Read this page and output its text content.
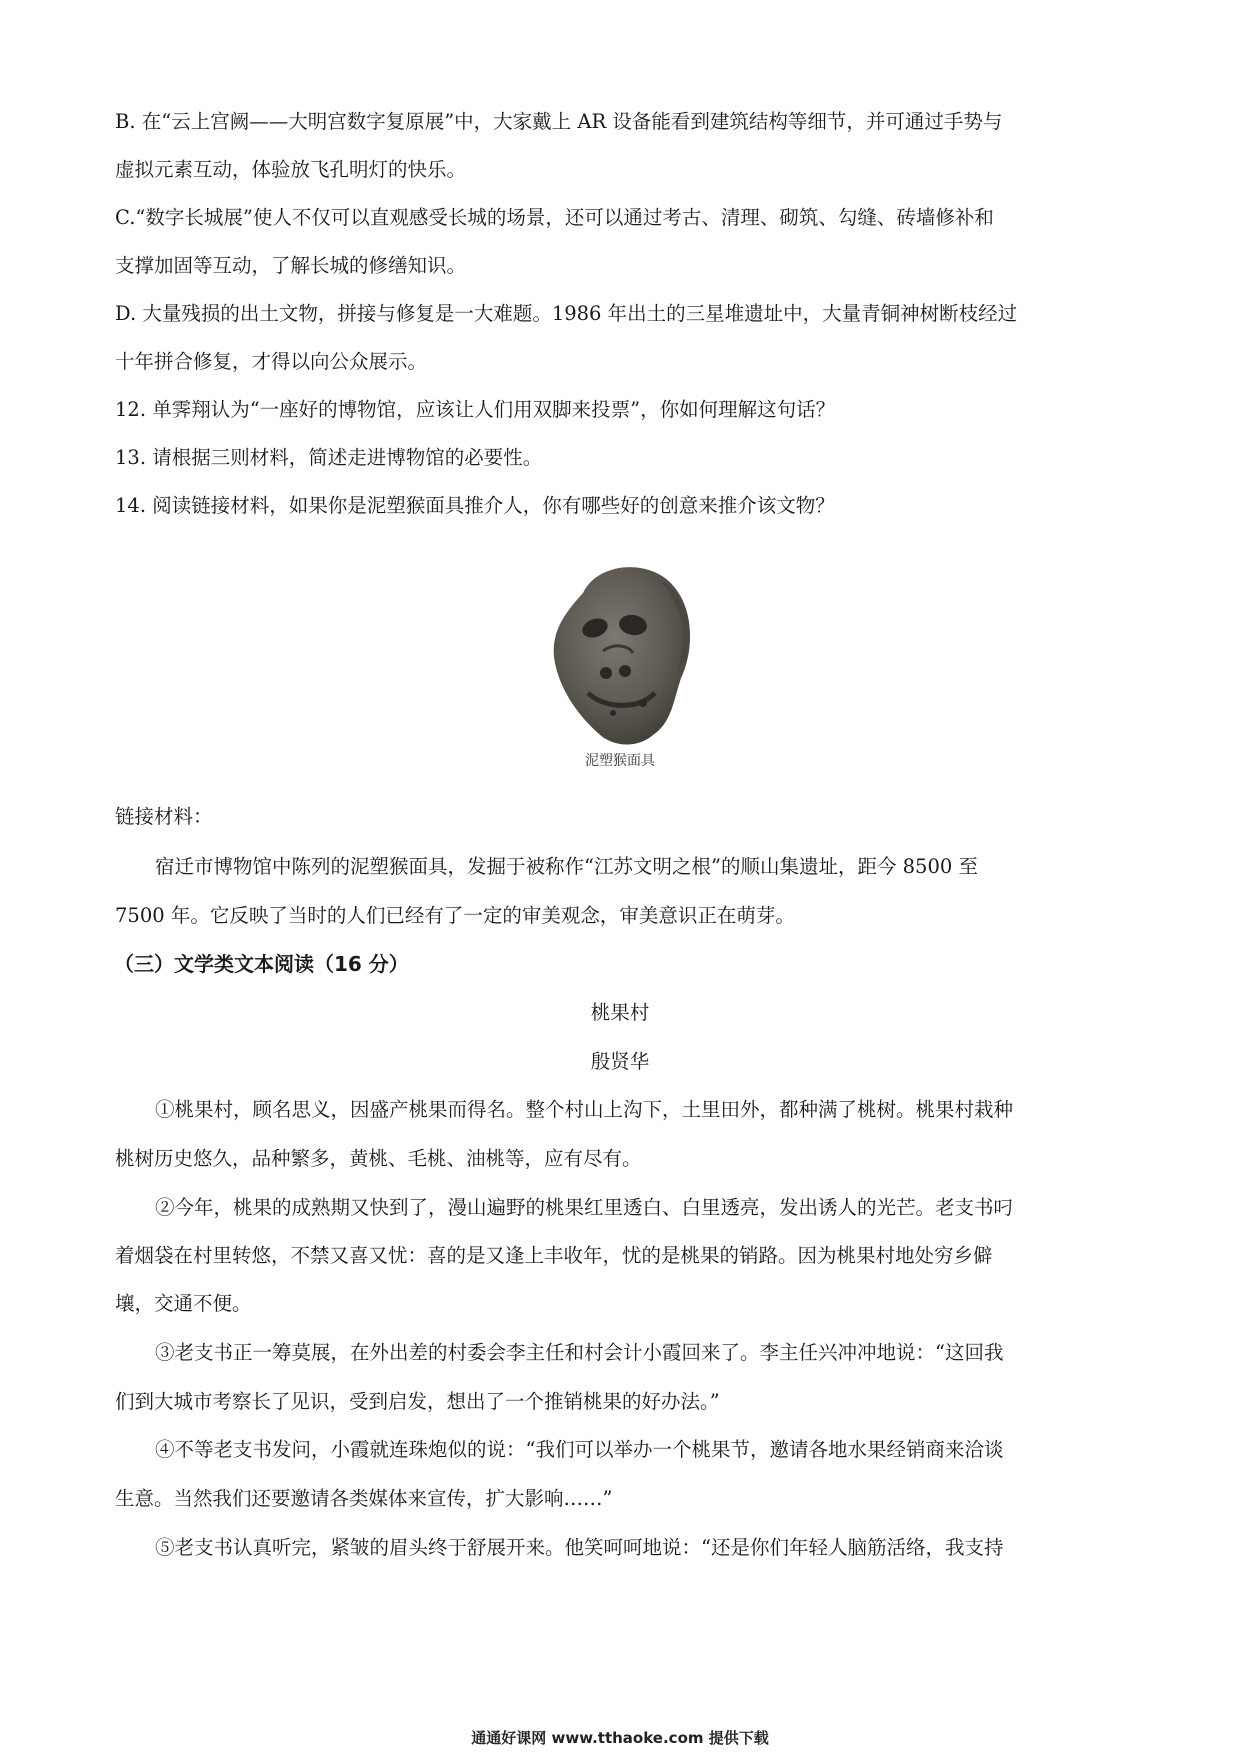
B. 在“云上宫阙——大明宫数字复原展”中，大家戴上 AR 设备能看到建筑结构等细节，并可通过手势与
虚拟元素互动，体验放飞孔明灯的快乐。
C.“数字长城展”使人不仅可以直观感受长城的场景，还可以通过考古、清理、砌筑、勾缝、砖墙修补和
支撑加固等互动，了解长城的修缮知识。
D. 大量残损的出土文物，拼接与修复是一大难题。1986 年出土的三星堆遗址中，大量青铜神树断枝经过
十年拼合修复，才得以向公众展示。
12. 单霁翔认为“一座好的博物馆，应该让人们用双脚来投票”，你如何理解这句话？
13. 请根据三则材料，简述走进博物馆的必要性。
14. 阅读链接材料，如果你是泥塑猴面具推介人，你有哪些好的创意来推介该文物？
泥塑猴面具
链接材料：
宿迁市博物馆中陈列的泥塑猴面具，发掘于被称作“江苏文明之根”的顺山集遗址，距今 8500 至
7500 年。它反映了当时的人们已经有了一定的审美观念，审美意识正在萌芽。
（三）文学类文本阅读（16 分）
桃果村
殷贤华
①桃果村，顾名思义，因盛产桃果而得名。整个村山上沟下，土里田外，都种满了桃树。桃果村栽种
桃树历史悠久，品种繁多，黄桃、毛桃、油桃等，应有尽有。
②今年，桃果的成熟期又快到了，漫山遍野的桃果红里透白、白里透亮，发出诱人的光芒。老支书叼
着烟袋在村里转悠，不禁又喜又忧：喜的是又逢上丰收年，忧的是桃果的销路。因为桃果村地处穷乡僻
壤，交通不便。
③老支书正一筹莫展，在外出差的村委会李主任和村会计小霞回来了。李主任兴冲冲地说：“这回我
们到大城市考察长了见识，受到启发，想出了一个推销桃果的好办法。”
④不等老支书发问，小霞就连珠炮似的说：“我们可以举办一个桃果节，邀请各地水果经销商来洽谈
生意。当然我们还要邀请各类媒体来宣传，扩大影响……”
⑤老支书认真听完，紧皱的眉头终于舒展开来。他笑呵呵地说：“还是你们年轻人脑筋活络，我支持
通通好课网 www.tthaoke.com 提供下载
